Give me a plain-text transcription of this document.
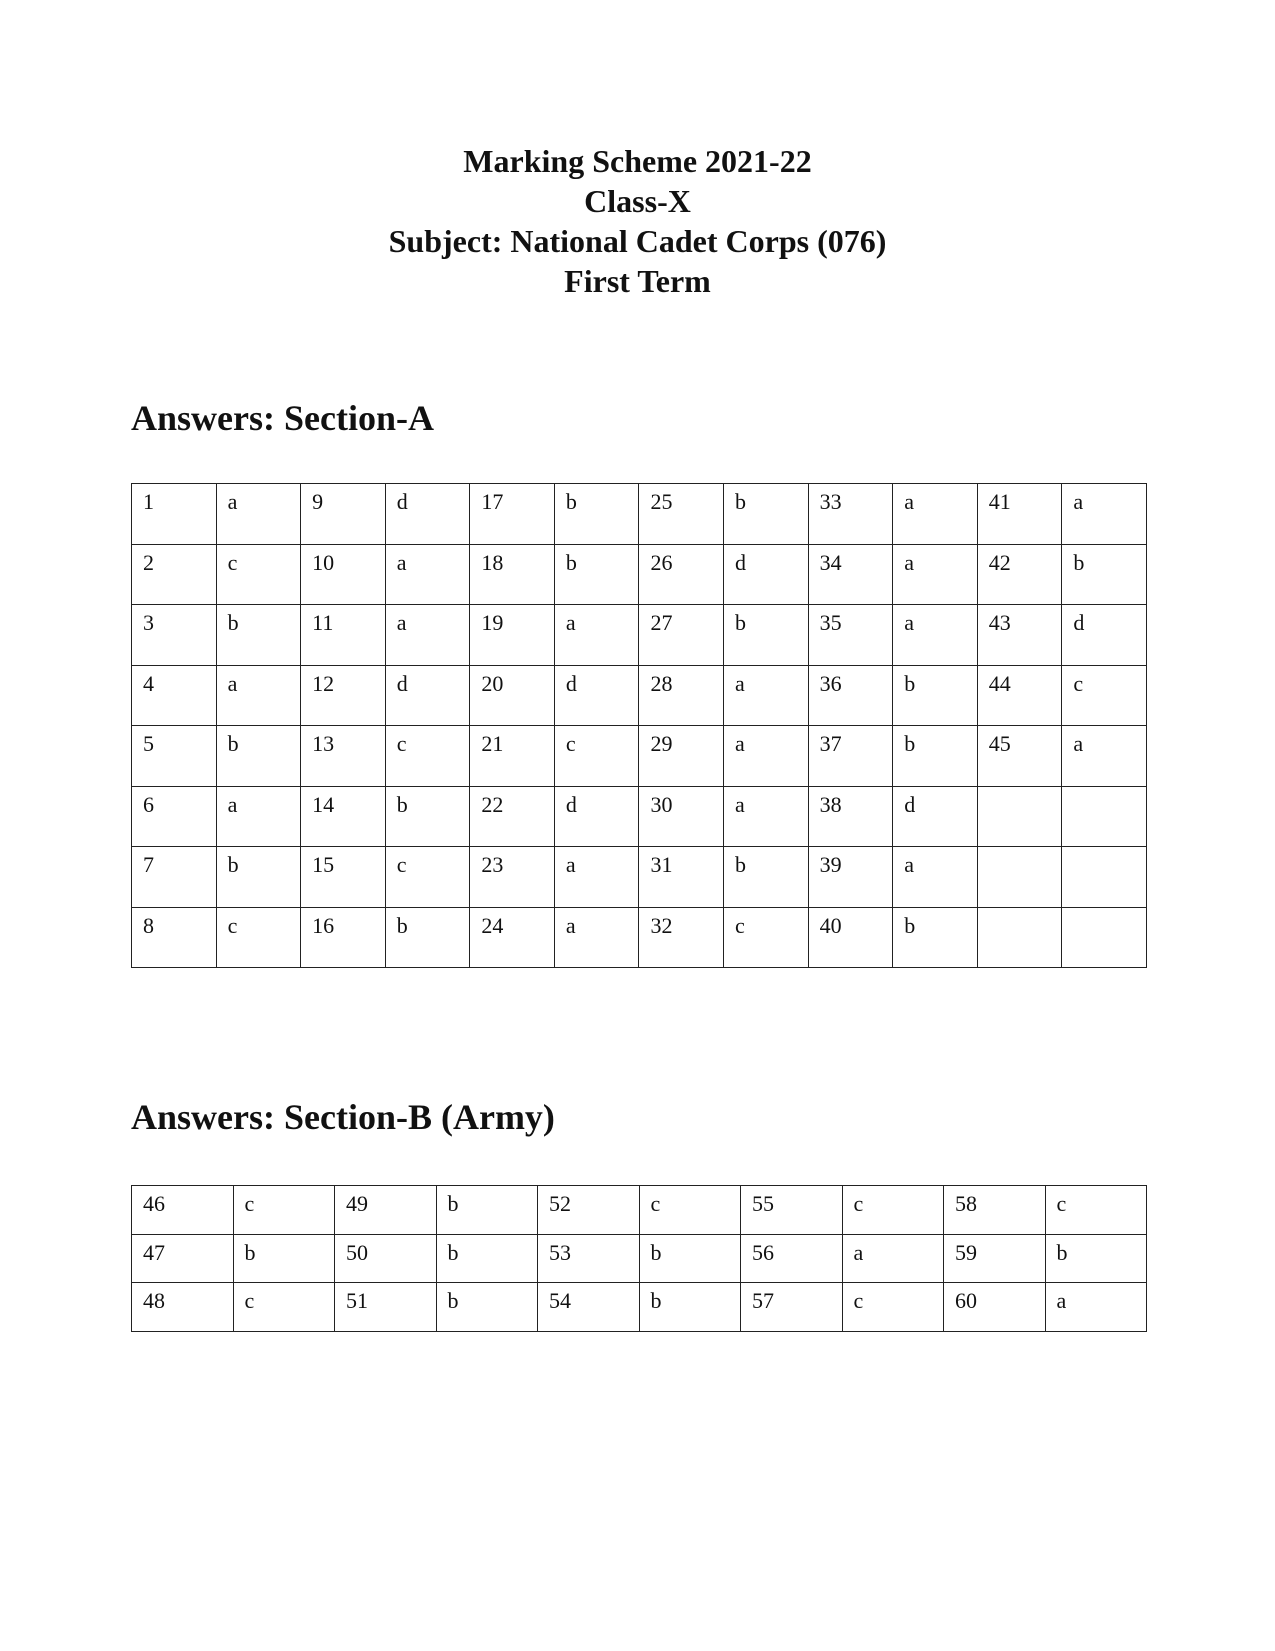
Marking Scheme 2021-22
Class-X
Subject: National Cadet Corps (076)
First Term
Answers: Section-A
1	a	9	d	17	b	25	b	33	a	41	a
2	c	10	a	18	b	26	d	34	a	42	b
3	b	11	a	19	a	27	b	35	a	43	d
4	a	12	d	20	d	28	a	36	b	44	c
5	b	13	c	21	c	29	a	37	b	45	a
6	a	14	b	22	d	30	a	38	d		
7	b	15	c	23	a	31	b	39	a		
8	c	16	b	24	a	32	c	40	b		
Answers: Section-B (Army)
46	c	49	b	52	c	55	c	58	c
47	b	50	b	53	b	56	a	59	b
48	c	51	b	54	b	57	c	60	a
